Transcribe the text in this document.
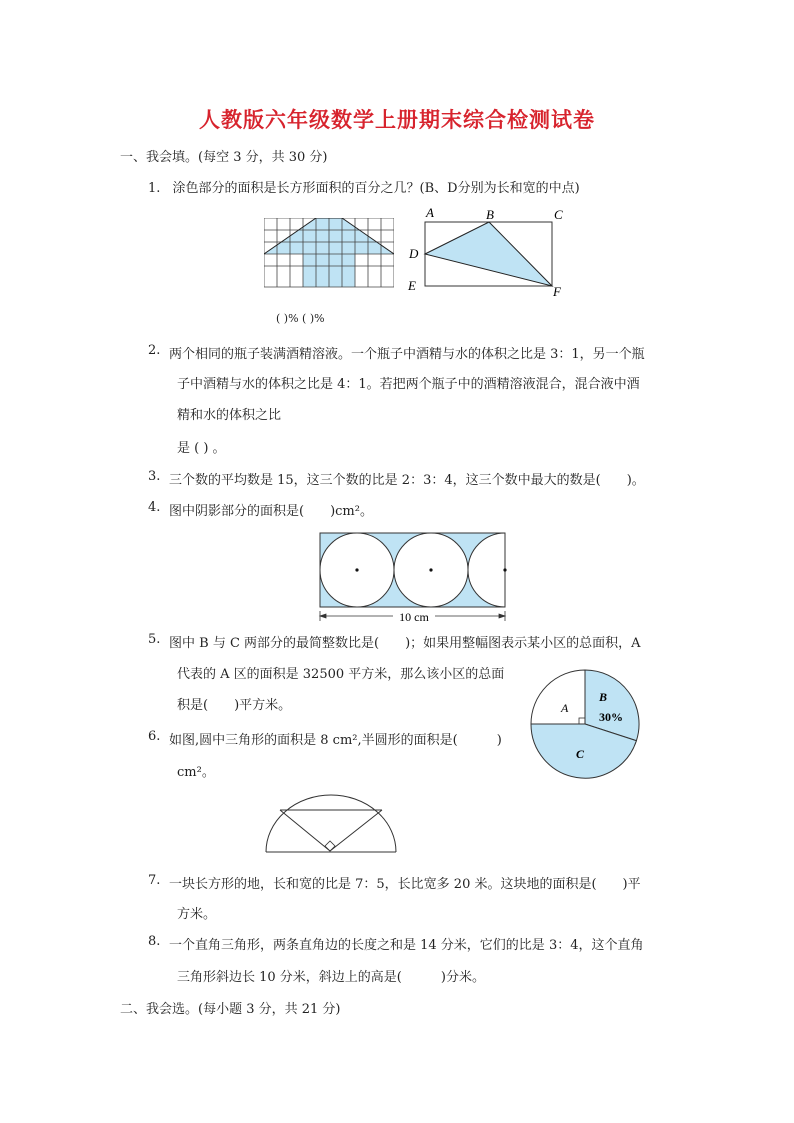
人教版六年级数学上册期末综合检测试卷
一、我会填。(每空 3 分，共 30 分)
1. 涂色部分的面积是长方形面积的百分之几？(B、D分别为长和宽的中点)
A	B	C
D
E	F
( )% ( )%
2. 两个相同的瓶子装满酒精溶液。一个瓶子中酒精与水的体积之比是 3：1，另一个瓶
子中酒精与水的体积之比是 4：1。若把两个瓶子中的酒精溶液混合，混合液中酒
精和水的体积之比
是 ( ) 。
3. 三个数的平均数是 15，这三个数的比是 2：3：4，这三个数中最大的数是(　　)。
4. 图中阴影部分的面积是(　　)cm²。
10 cm
5. 图中 B 与 C 两部分的最简整数比是(　　)；如果用整幅图表示某小区的总面积，A
代表的 A 区的面积是 32500 平方米，那么该小区的总面
积是(　　)平方米。	A
B
30%
C
6. 如图,圆中三角形的面积是 8 cm²,半圆形的面积是(　　　)
cm²。
7. 一块长方形的地，长和宽的比是 7：5，长比宽多 20 米。这块地的面积是(　　)平
方米。
8. 一个直角三角形，两条直角边的长度之和是 14 分米，它们的比是 3：4，这个直角
三角形斜边长 10 分米，斜边上的高是(　　　)分米。
二、我会选。(每小题 3 分，共 21 分)
